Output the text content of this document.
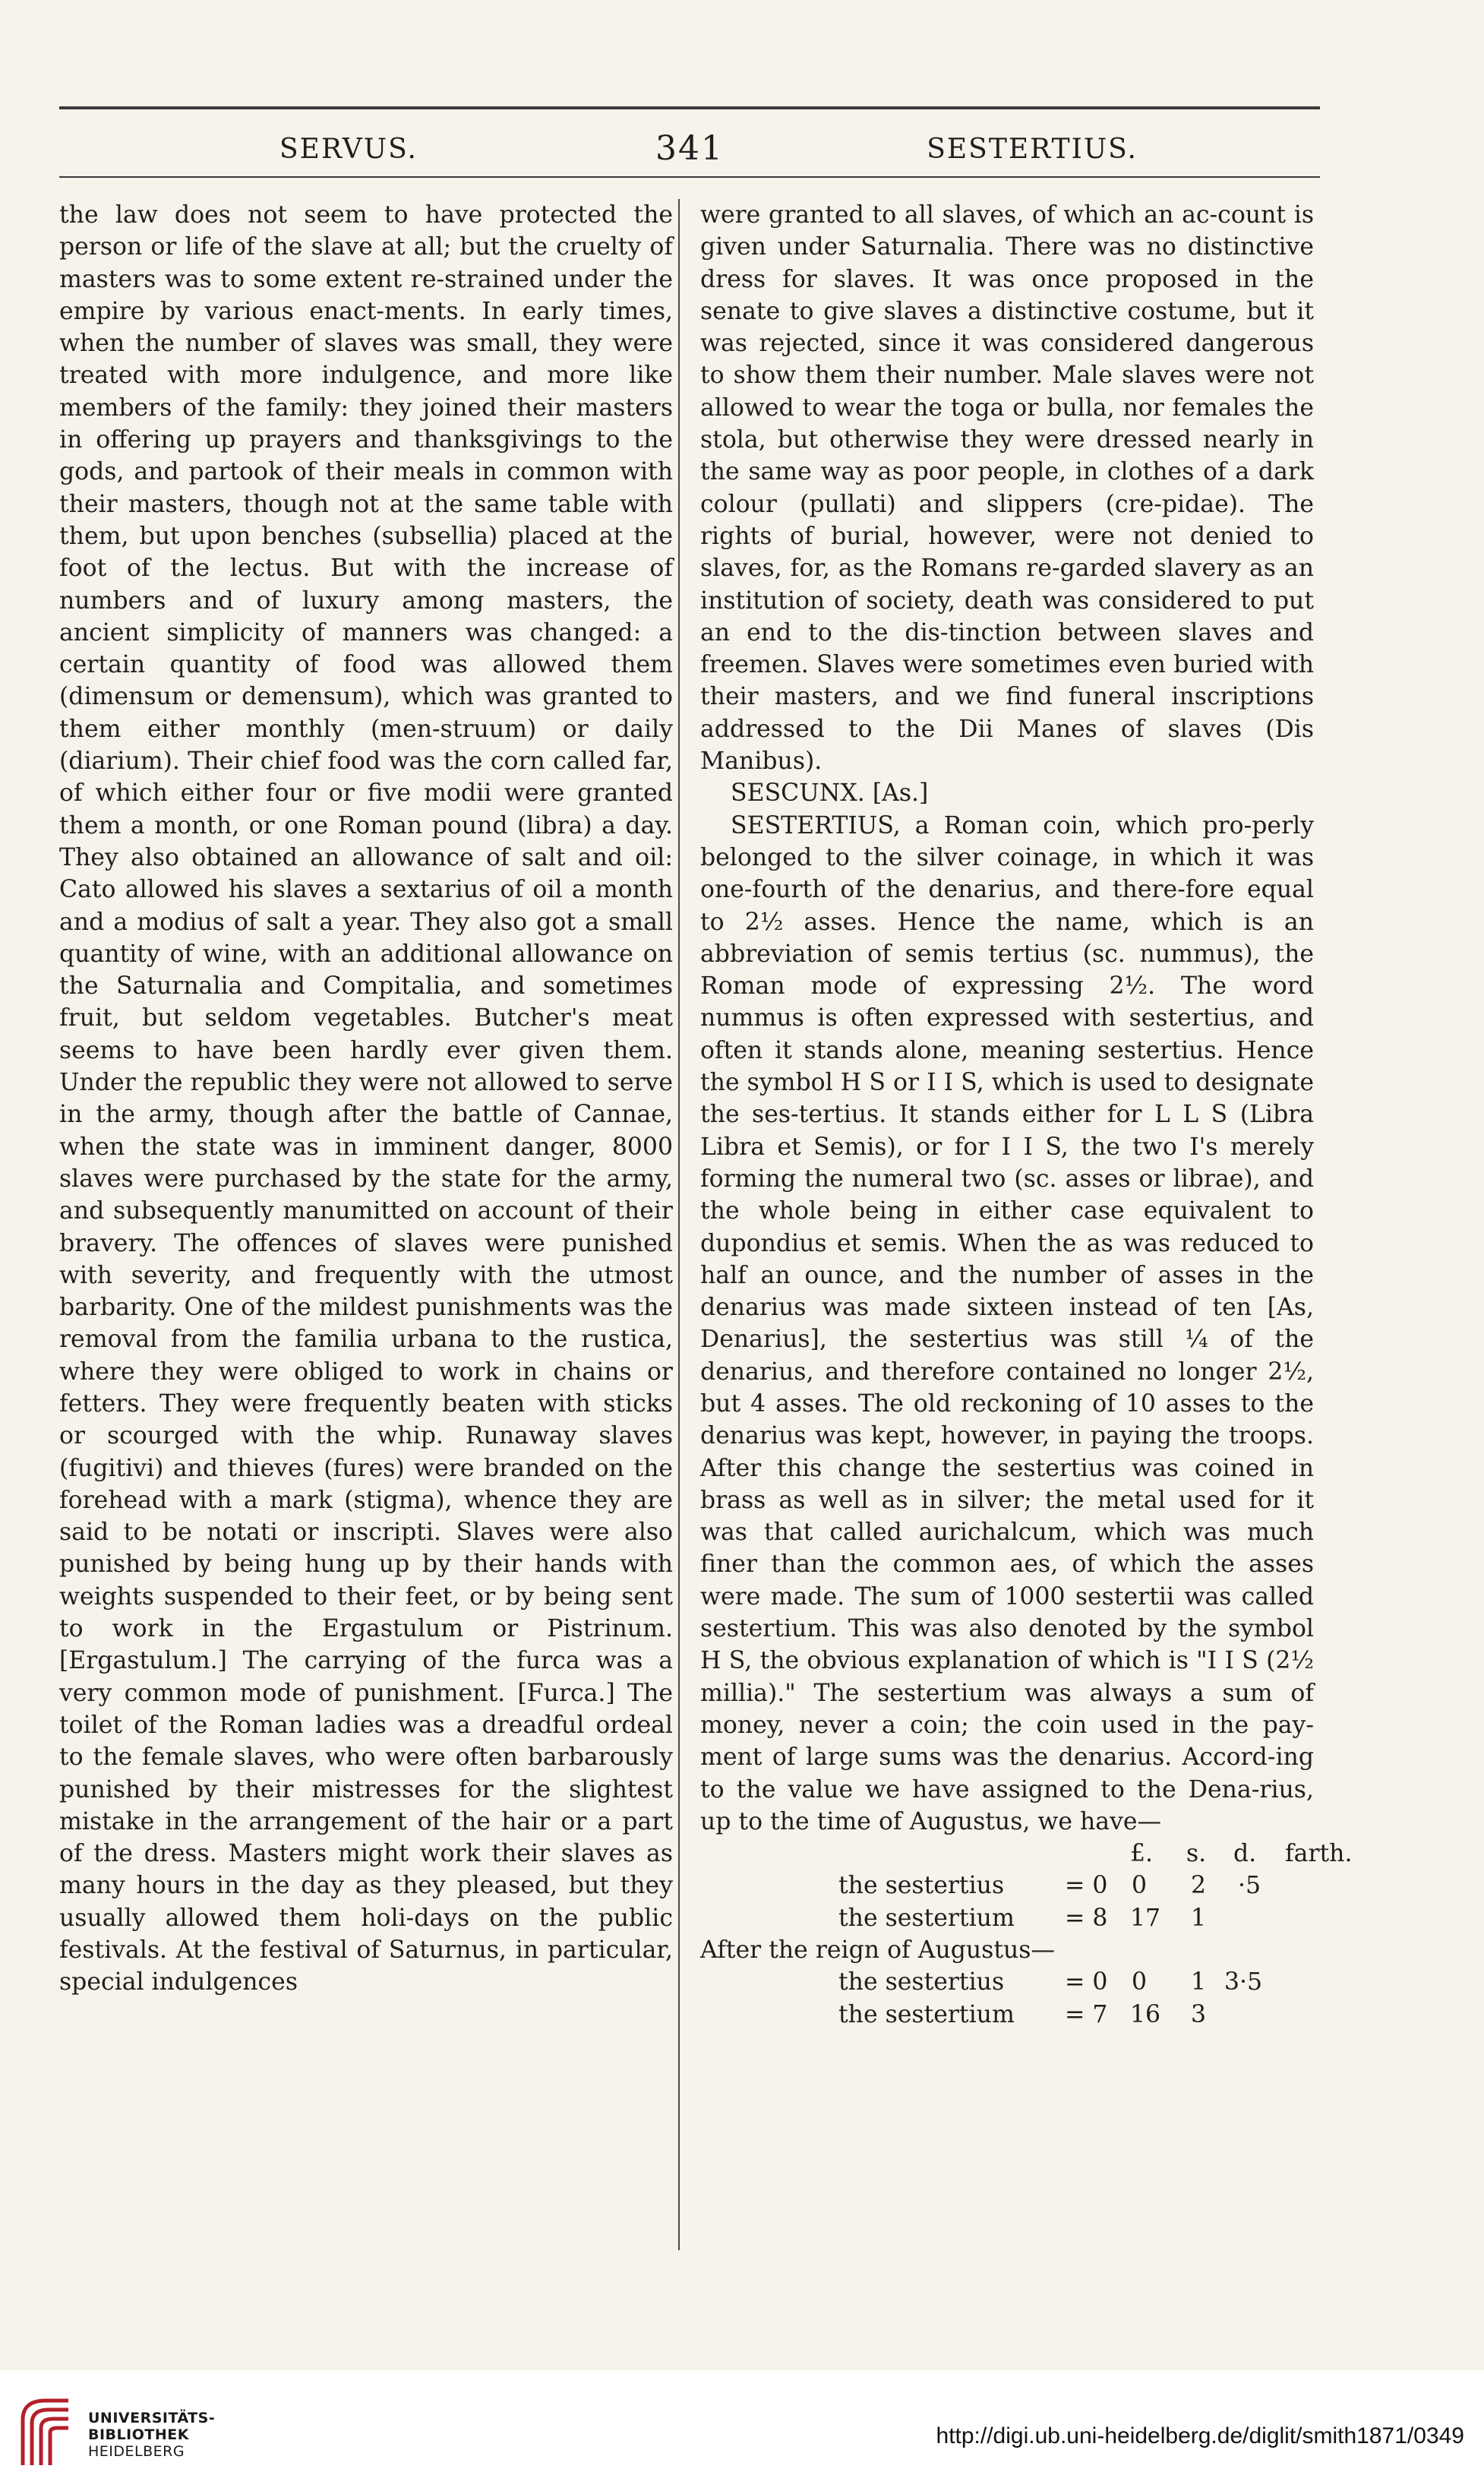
SERVUS.	341	SESTERTIUS.

the law does not seem to have protected the person or life of the slave at all; but the cruelty of masters was to some extent re-strained under the empire by various enact-ments. In early times, when the number of slaves was small, they were treated with more indulgence, and more like members of the family: they joined their masters in offering up prayers and thanksgivings to the gods, and partook of their meals in common with their masters, though not at the same table with them, but upon benches (subsellia) placed at the foot of the lectus. But with the increase of numbers and of luxury among masters, the ancient simplicity of manners was changed: a certain quantity of food was allowed them (dimensum or demensum), which was granted to them either monthly (men-struum) or daily (diarium). Their chief food was the corn called far, of which either four or five modii were granted them a month, or one Roman pound (libra) a day. They also obtained an allowance of salt and oil: Cato allowed his slaves a sextarius of oil a month and a modius of salt a year. They also got a small quantity of wine, with an additional allowance on the Saturnalia and Compitalia, and sometimes fruit, but seldom vegetables. Butcher's meat seems to have been hardly ever given them. Under the republic they were not allowed to serve in the army, though after the battle of Cannae, when the state was in imminent danger, 8000 slaves were purchased by the state for the army, and subsequently manumitted on account of their bravery. The offences of slaves were punished with severity, and frequently with the utmost barbarity. One of the mildest punishments was the removal from the familia urbana to the rustica, where they were obliged to work in chains or fetters. They were frequently beaten with sticks or scourged with the whip. Runaway slaves (fugitivi) and thieves (fures) were branded on the forehead with a mark (stigma), whence they are said to be notati or inscripti. Slaves were also punished by being hung up by their hands with weights suspended to their feet, or by being sent to work in the Ergastulum or Pistrinum. [Ergastulum.] The carrying of the furca was a very common mode of punishment. [Furca.] The toilet of the Roman ladies was a dreadful ordeal to the female slaves, who were often barbarously punished by their mistresses for the slightest mistake in the arrangement of the hair or a part of the dress. Masters might work their slaves as many hours in the day as they pleased, but they usually allowed them holi-days on the public festivals. At the festival of Saturnus, in particular, special indulgences

were granted to all slaves, of which an ac-count is given under Saturnalia. There was no distinctive dress for slaves. It was once proposed in the senate to give slaves a distinctive costume, but it was rejected, since it was considered dangerous to show them their number. Male slaves were not allowed to wear the toga or bulla, nor females the stola, but otherwise they were dressed nearly in the same way as poor people, in clothes of a dark colour (pullati) and slippers (cre-pidae). The rights of burial, however, were not denied to slaves, for, as the Romans re-garded slavery as an institution of society, death was considered to put an end to the dis-tinction between slaves and freemen. Slaves were sometimes even buried with their masters, and we find funeral inscriptions addressed to the Dii Manes of slaves (Dis Manibus).

SESCUNX. [As.]

SESTERTIUS, a Roman coin, which pro-perly belonged to the silver coinage, in which it was one-fourth of the denarius, and there-fore equal to 2½ asses. Hence the name, which is an abbreviation of semis tertius (sc. nummus), the Roman mode of expressing 2½. The word nummus is often expressed with sestertius, and often it stands alone, meaning sestertius. Hence the symbol H S or I I S, which is used to designate the ses-tertius. It stands either for L L S (Libra Libra et Semis), or for I I S, the two I's merely forming the numeral two (sc. asses or librae), and the whole being in either case equivalent to dupondius et semis. When the as was reduced to half an ounce, and the number of asses in the denarius was made sixteen instead of ten [As, Denarius], the sestertius was still ¼ of the denarius, and therefore contained no longer 2½, but 4 asses. The old reckoning of 10 asses to the denarius was kept, however, in paying the troops. After this change the sestertius was coined in brass as well as in silver; the metal used for it was that called aurichalcum, which was much finer than the common aes, of which the asses were made. The sum of 1000 sestertii was called sestertium. This was also denoted by the symbol H S, the obvious explanation of which is "I I S (2½ millia)." The sestertium was always a sum of money, never a coin; the coin used in the pay-ment of large sums was the denarius. Accord-ing to the value we have assigned to the Dena-rius, up to the time of Augustus, we have—

£. s. d. farth.
the sestertius	= 0 0 2 ·5
the sestertium = 8 17 1

After the reign of Augustus—

the sestertius	= 0 0 1 3·5
the sestertium = 7 16 3
UNIVERSITÄTS-
BIBLIOTHEK
HEIDELBERG
http://digi.ub.uni-heidelberg.de/diglit/smith1871/0349
